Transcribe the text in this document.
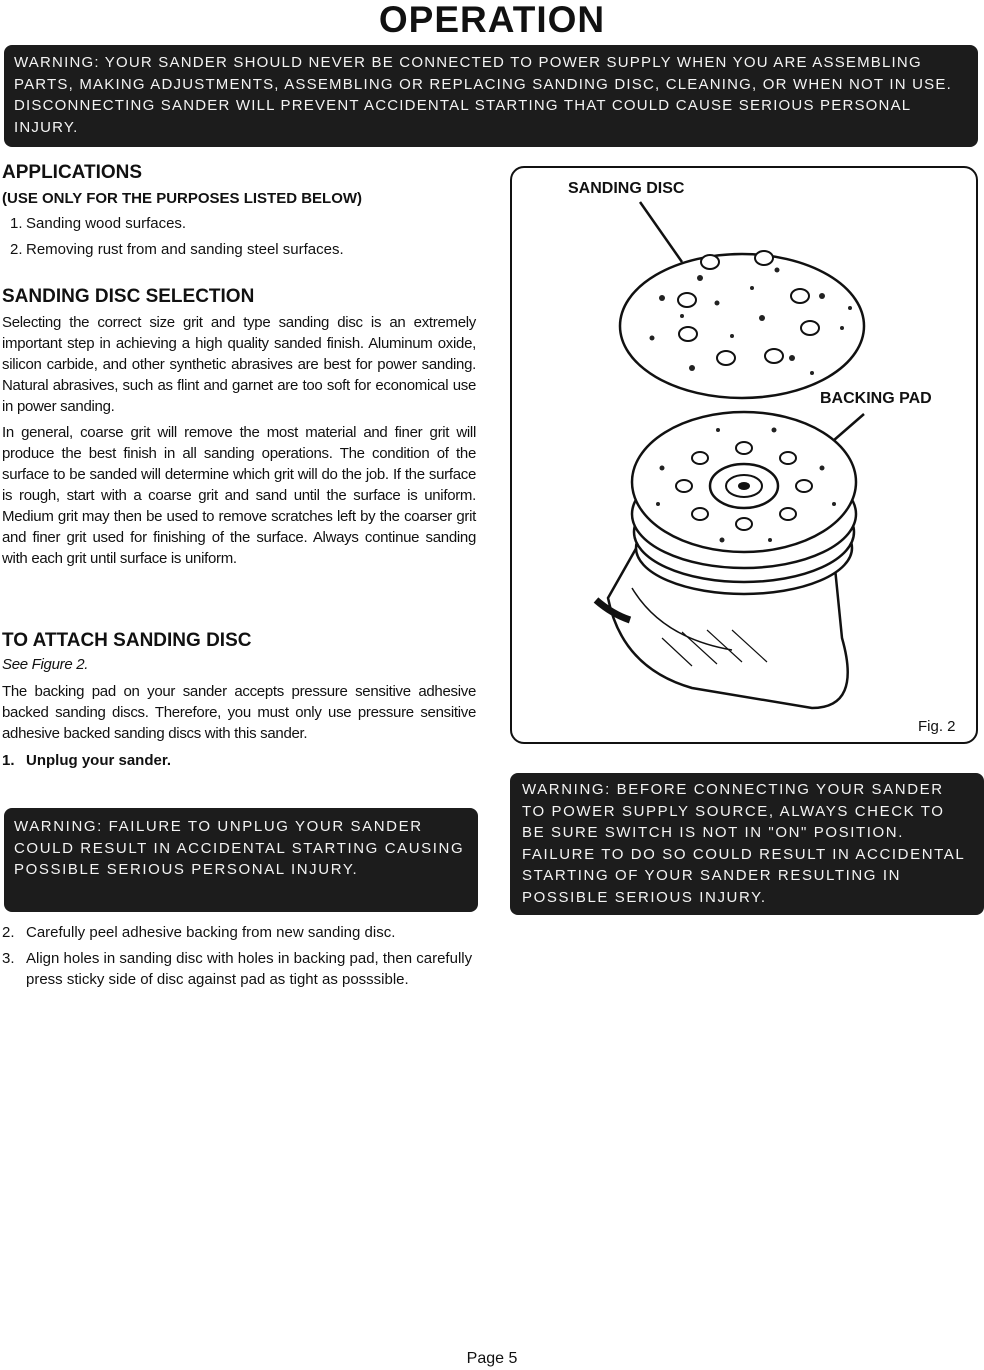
OPERATION
WARNING: YOUR SANDER SHOULD NEVER BE CONNECTED TO POWER SUPPLY WHEN YOU ARE ASSEMBLING PARTS, MAKING ADJUSTMENTS, ASSEMBLING OR REPLACING SANDING DISC, CLEANING, OR WHEN NOT IN USE. DISCONNECTING SANDER WILL PREVENT ACCIDENTAL STARTING THAT COULD CAUSE SERIOUS PERSONAL INJURY.

APPLICATIONS

(USE ONLY FOR THE PURPOSES LISTED BELOW)

1. Sanding wood surfaces.

2. Removing rust from and sanding steel surfaces.

SANDING DISC SELECTION

Selecting the correct size grit and type sanding disc is an extremely important step in achieving a high quality sanded finish. Aluminum oxide, silicon carbide, and other synthetic abrasives are best for power sanding. Natural abrasives, such as flint and garnet are too soft for economical use in power sanding.

In general, coarse grit will remove the most material and finer grit will produce the best finish in all sanding operations. The condition of the surface to be sanded will determine which grit will do the job. If the surface is rough, start with a coarse grit and sand until the surface is uniform. Medium grit may then be used to remove scratches left by the coarser grit and finer grit used for finishing of the surface. Always continue sanding with each grit until surface is uniform.

TO ATTACH SANDING DISC

See Figure 2.

The backing pad on your sander accepts pressure sensitive adhesive backed sanding discs. Therefore, you must only use pressure sensitive adhesive backed sanding discs with this sander.

1. Unplug your sander.

WARNING: FAILURE TO UNPLUG YOUR SANDER COULD RESULT IN ACCIDENTAL STARTING CAUSING POSSIBLE SERIOUS PERSONAL INJURY.

2. Carefully peel adhesive backing from new sanding disc.

3. Align holes in sanding disc with holes in backing pad, then carefully press sticky side of disc against pad as tight as posssible.

SANDING DISC
BACKING PAD
Fig. 2
WARNING: BEFORE CONNECTING YOUR SANDER TO POWER SUPPLY SOURCE, ALWAYS CHECK TO BE SURE SWITCH IS NOT IN "ON" POSITION. FAILURE TO DO SO COULD RESULT IN ACCIDENTAL STARTING OF YOUR SANDER RESULTING IN POSSIBLE SERIOUS INJURY.
Page 5
